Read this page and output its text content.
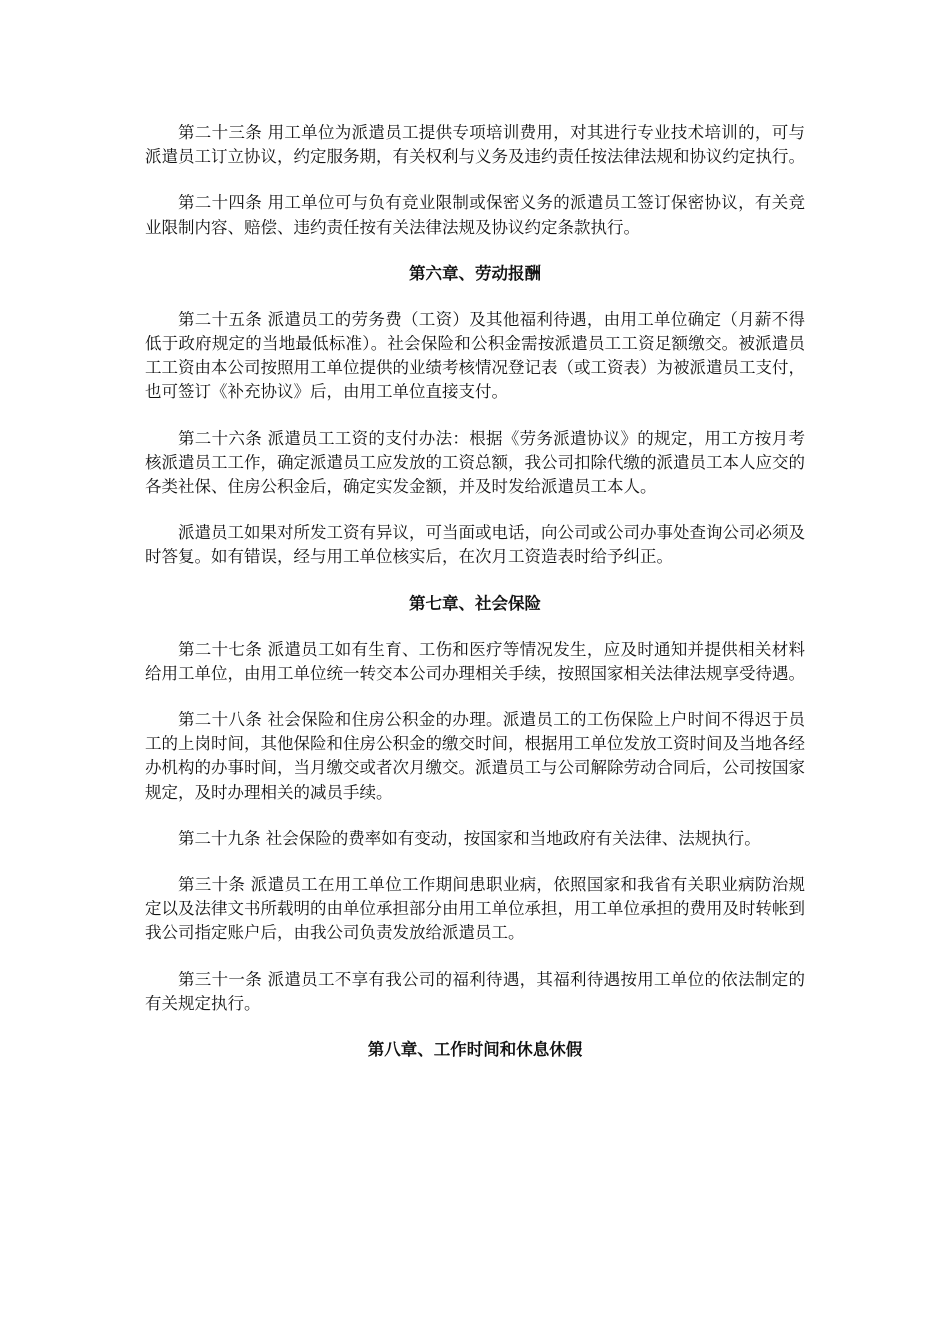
第二十三条 用工单位为派遣员工提供专项培训费用，对其进行专业技术培训的，可与派遣员工订立协议，约定服务期，有关权利与义务及违约责任按法律法规和协议约定执行。

第二十四条 用工单位可与负有竞业限制或保密义务的派遣员工签订保密协议，有关竞业限制内容、赔偿、违约责任按有关法律法规及协议约定条款执行。

第六章、劳动报酬

第二十五条 派遣员工的劳务费（工资）及其他福利待遇，由用工单位确定（月薪不得低于政府规定的当地最低标准）。社会保险和公积金需按派遣员工工资足额缴交。被派遣员工工资由本公司按照用工单位提供的业绩考核情况登记表（或工资表）为被派遣员工支付，也可签订《补充协议》后，由用工单位直接支付。

第二十六条 派遣员工工资的支付办法：根据《劳务派遣协议》的规定，用工方按月考核派遣员工工作，确定派遣员工应发放的工资总额，我公司扣除代缴的派遣员工本人应交的各类社保、住房公积金后，确定实发金额，并及时发给派遣员工本人。

派遣员工如果对所发工资有异议，可当面或电话，向公司或公司办事处查询公司必须及时答复。如有错误，经与用工单位核实后，在次月工资造表时给予纠正。

第七章、社会保险

第二十七条 派遣员工如有生育、工伤和医疗等情况发生，应及时通知并提供相关材料给用工单位，由用工单位统一转交本公司办理相关手续，按照国家相关法律法规享受待遇。

第二十八条 社会保险和住房公积金的办理。派遣员工的工伤保险上户时间不得迟于员工的上岗时间，其他保险和住房公积金的缴交时间，根据用工单位发放工资时间及当地各经办机构的办事时间，当月缴交或者次月缴交。派遣员工与公司解除劳动合同后，公司按国家规定，及时办理相关的减员手续。

第二十九条 社会保险的费率如有变动，按国家和当地政府有关法律、法规执行。

第三十条 派遣员工在用工单位工作期间患职业病，依照国家和我省有关职业病防治规定以及法律文书所载明的由单位承担部分由用工单位承担，用工单位承担的费用及时转帐到我公司指定账户后，由我公司负责发放给派遣员工。

第三十一条 派遣员工不享有我公司的福利待遇，其福利待遇按用工单位的依法制定的有关规定执行。

第八章、工作时间和休息休假
